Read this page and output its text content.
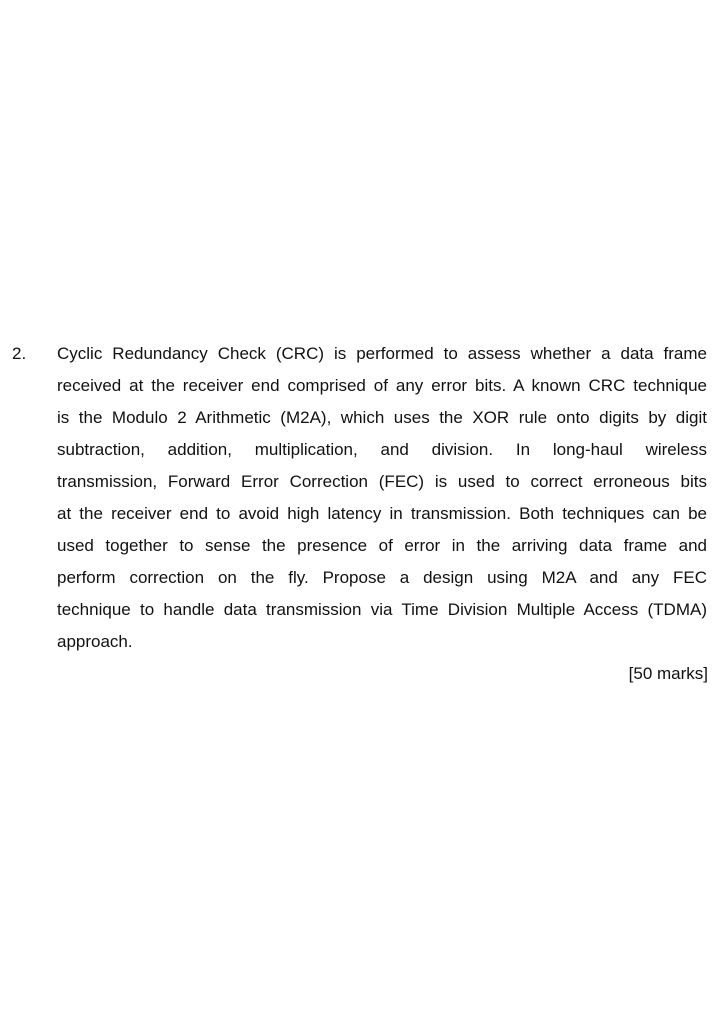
2. Cyclic Redundancy Check (CRC) is performed to assess whether a data frame
received at the receiver end comprised of any error bits. A known CRC technique
is the Modulo 2 Arithmetic (M2A), which uses the XOR rule onto digits by digit
subtraction, addition, multiplication, and division. In long-haul wireless
transmission, Forward Error Correction (FEC) is used to correct erroneous bits
at the receiver end to avoid high latency in transmission. Both techniques can be
used together to sense the presence of error in the arriving data frame and
perform correction on the fly. Propose a design using M2A and any FEC
technique to handle data transmission via Time Division Multiple Access (TDMA)
approach.
[50 marks]
